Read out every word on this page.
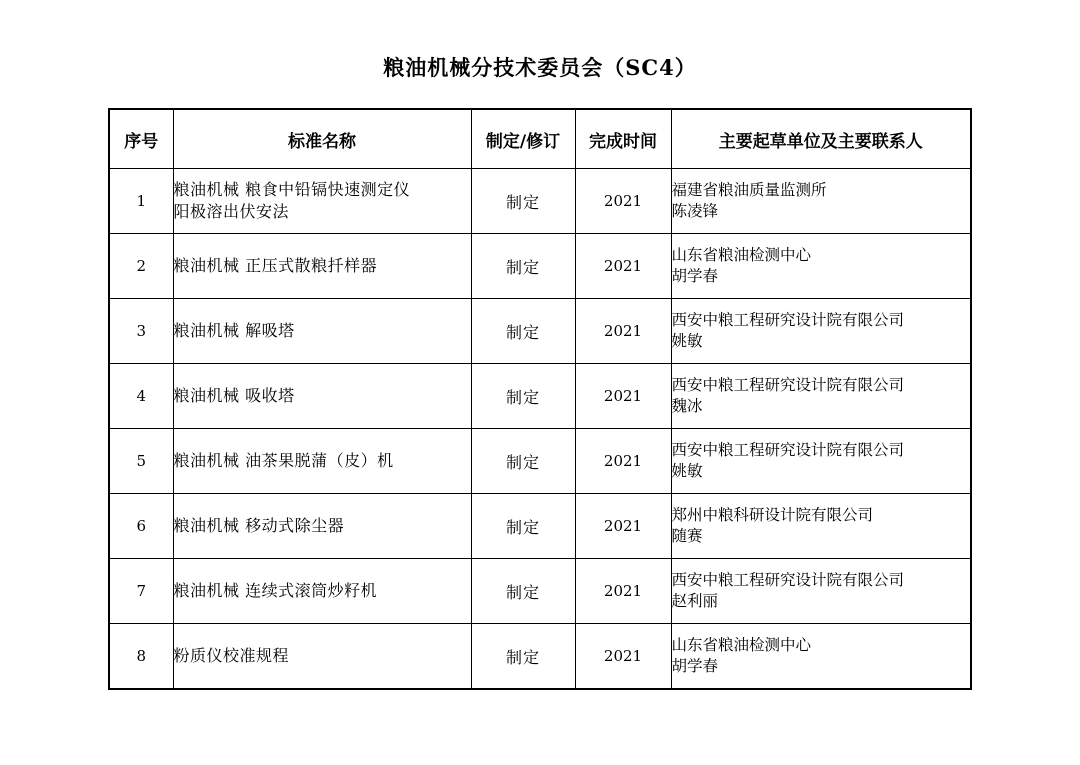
粮油机械分技术委员会（SC4）
序号	标准名称	制定/修订	完成时间	主要起草单位及主要联系人
1	粮油机械 粮食中铅镉快速测定仪
阳极溶出伏安法	制定	2021	福建省粮油质量监测所
陈凌锋

2	粮油机械 正压式散粮扦样器	制定	2021	山东省粮油检测中心
胡学春

3	粮油机械 解吸塔	制定	2021	西安中粮工程研究设计院有限公司
姚敏

4	粮油机械 吸收塔	制定	2021	西安中粮工程研究设计院有限公司
魏冰

5	粮油机械 油茶果脱蒲（皮）机	制定	2021	西安中粮工程研究设计院有限公司
姚敏

6	粮油机械 移动式除尘器	制定	2021	郑州中粮科研设计院有限公司
随赛

7	粮油机械 连续式滚筒炒籽机	制定	2021	西安中粮工程研究设计院有限公司
赵利丽

8	粉质仪校准规程	制定	2021	山东省粮油检测中心
胡学春
